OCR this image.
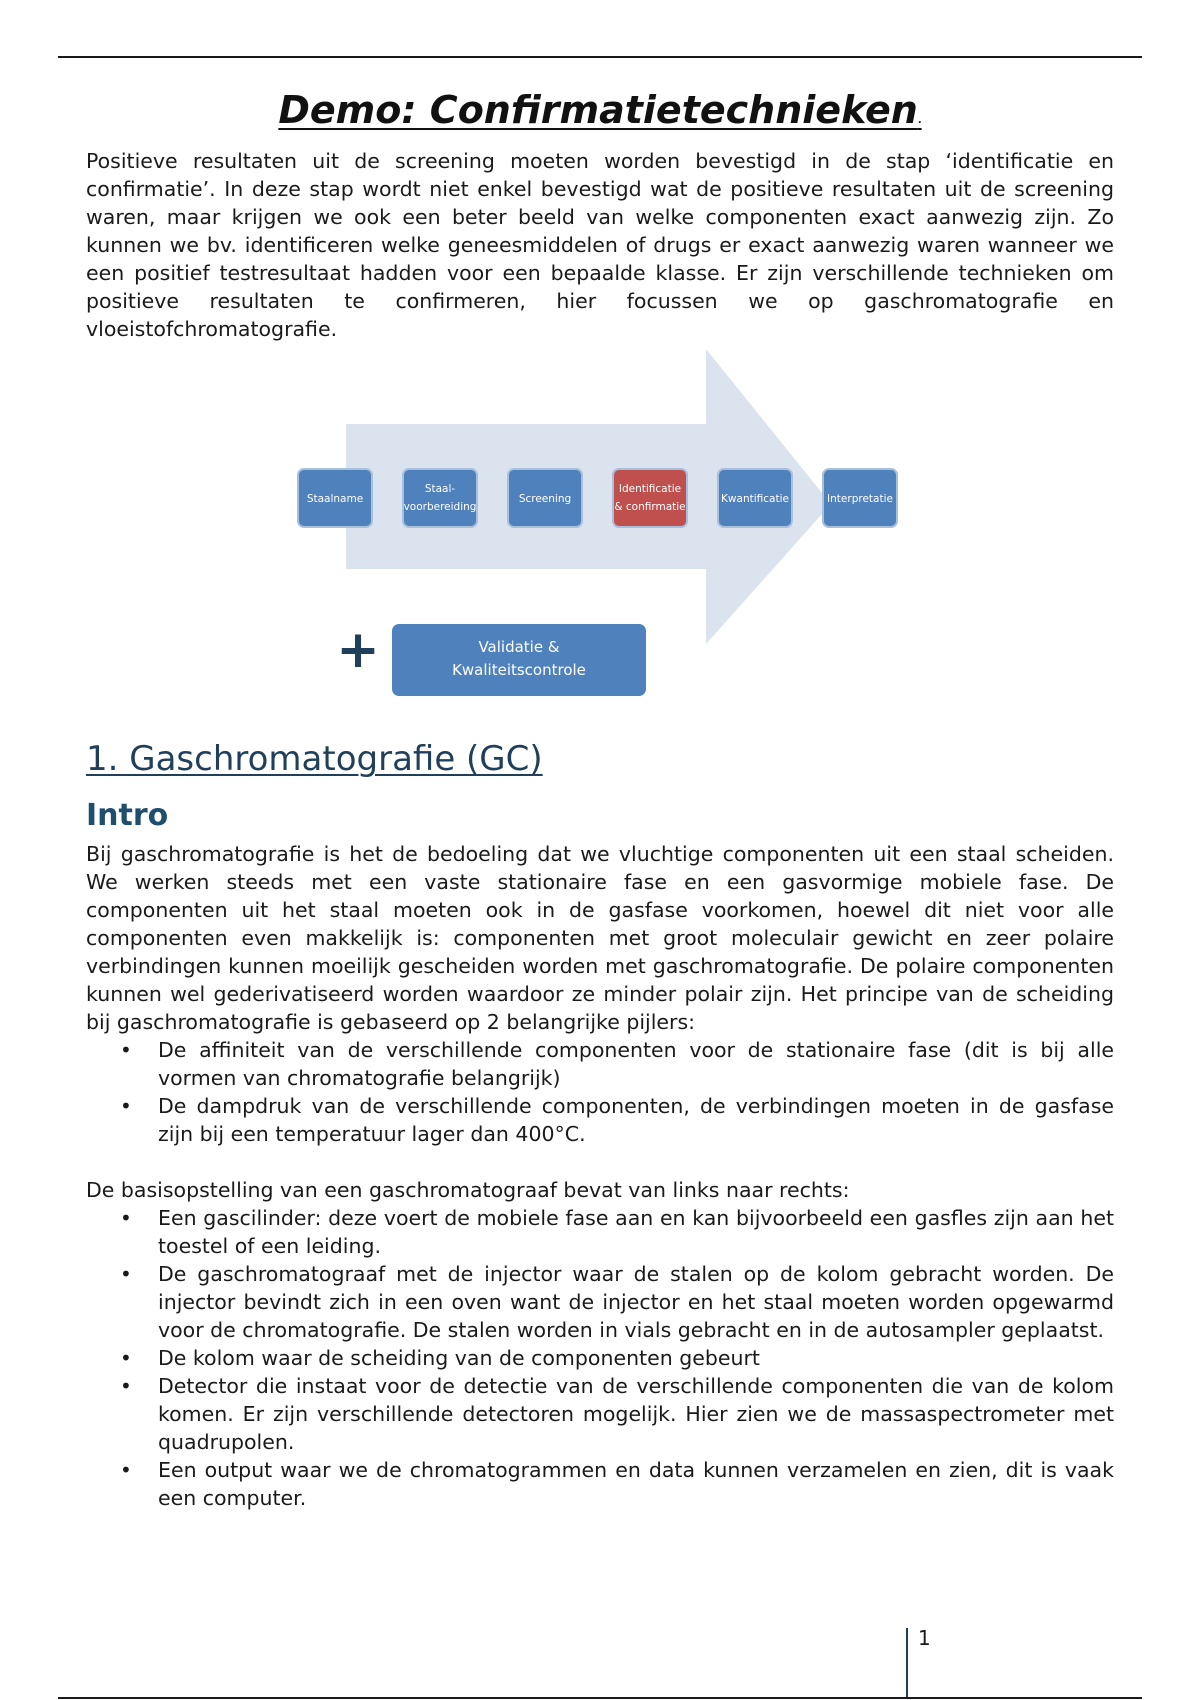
Demo: Confirmatietechnieken.

Positieve resultaten uit de screening moeten worden bevestigd in de stap ‘identificatie en confirmatie’. In deze stap wordt niet enkel bevestigd wat de positieve resultaten uit de screening waren, maar krijgen we ook een beter beeld van welke componenten exact aanwezig zijn. Zo kunnen we bv. identificeren welke geneesmiddelen of drugs er exact aanwezig waren wanneer we een positief testresultaat hadden voor een bepaalde klasse. Er zijn verschillende technieken om positieve resultaten te confirmeren, hier focussen we op gaschromatografie en vloeistofchromatografie.

Staalname
Staal-
voorbereiding
Screening
Identificatie
& confirmatie
Kwantificatie	Interpretatie
+	Validatie &
Kwaliteitscontrole
1. Gaschromatografie (GC)
Intro

Bij gaschromatografie is het de bedoeling dat we vluchtige componenten uit een staal scheiden. We werken steeds met een vaste stationaire fase en een gasvormige mobiele fase. De componenten uit het staal moeten ook in de gasfase voorkomen, hoewel dit niet voor alle componenten even makkelijk is: componenten met groot moleculair gewicht en zeer polaire verbindingen kunnen moeilijk gescheiden worden met gaschromatografie. De polaire componenten kunnen wel gederivatiseerd worden waardoor ze minder polair zijn. Het principe van de scheiding bij gaschromatografie is gebaseerd op 2 belangrijke pijlers:

• De affiniteit van de verschillende componenten voor de stationaire fase (dit is bij alle vormen van chromatografie belangrijk)
• De dampdruk van de verschillende componenten, de verbindingen moeten in de gasfase zijn bij een temperatuur lager dan 400°C.

De basisopstelling van een gaschromatograaf bevat van links naar rechts:

• Een gascilinder: deze voert de mobiele fase aan en kan bijvoorbeeld een gasfles zijn aan het toestel of een leiding.
• De gaschromatograaf met de injector waar de stalen op de kolom gebracht worden. De injector bevindt zich in een oven want de injector en het staal moeten worden opgewarmd voor de chromatografie. De stalen worden in vials gebracht en in de autosampler geplaatst.
• De kolom waar de scheiding van de componenten gebeurt
• Detector die instaat voor de detectie van de verschillende componenten die van de kolom komen. Er zijn verschillende detectoren mogelijk. Hier zien we de massaspectrometer met quadrupolen.
• Een output waar we de chromatogrammen en data kunnen verzamelen en zien, dit is vaak een computer.
1
